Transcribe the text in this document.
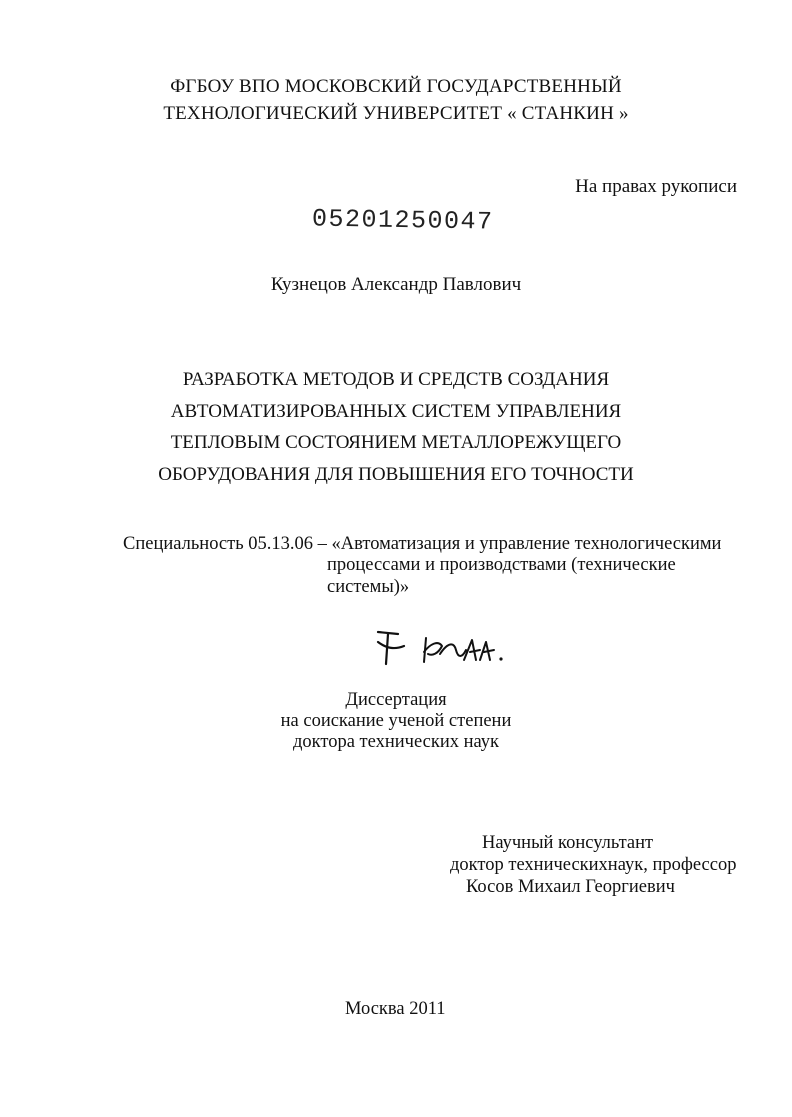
ФГБОУ ВПО МОСКОВСКИЙ ГОСУДАРСТВЕННЫЙ
ТЕХНОЛОГИЧЕСКИЙ УНИВЕРСИТЕТ « СТАНКИН »
На правах рукописи
05201250047
Кузнецов Александр Павлович
РАЗРАБОТКА МЕТОДОВ И СРЕДСТВ СОЗДАНИЯ
АВТОМАТИЗИРОВАННЫХ СИСТЕМ УПРАВЛЕНИЯ
ТЕПЛОВЫМ СОСТОЯНИЕМ МЕТАЛЛОРЕЖУЩЕГО
ОБОРУДОВАНИЯ ДЛЯ ПОВЫШЕНИЯ ЕГО ТОЧНОСТИ
Специальность 05.13.06 – «Автоматизация и управление технологическими
процессами и производствами (технические
системы)»
Диссертация
на соискание ученой степени
доктора технических наук
Научный консультант
доктор техническихнаук, профессор
Косов Михаил Георгиевич
Москва 2011
